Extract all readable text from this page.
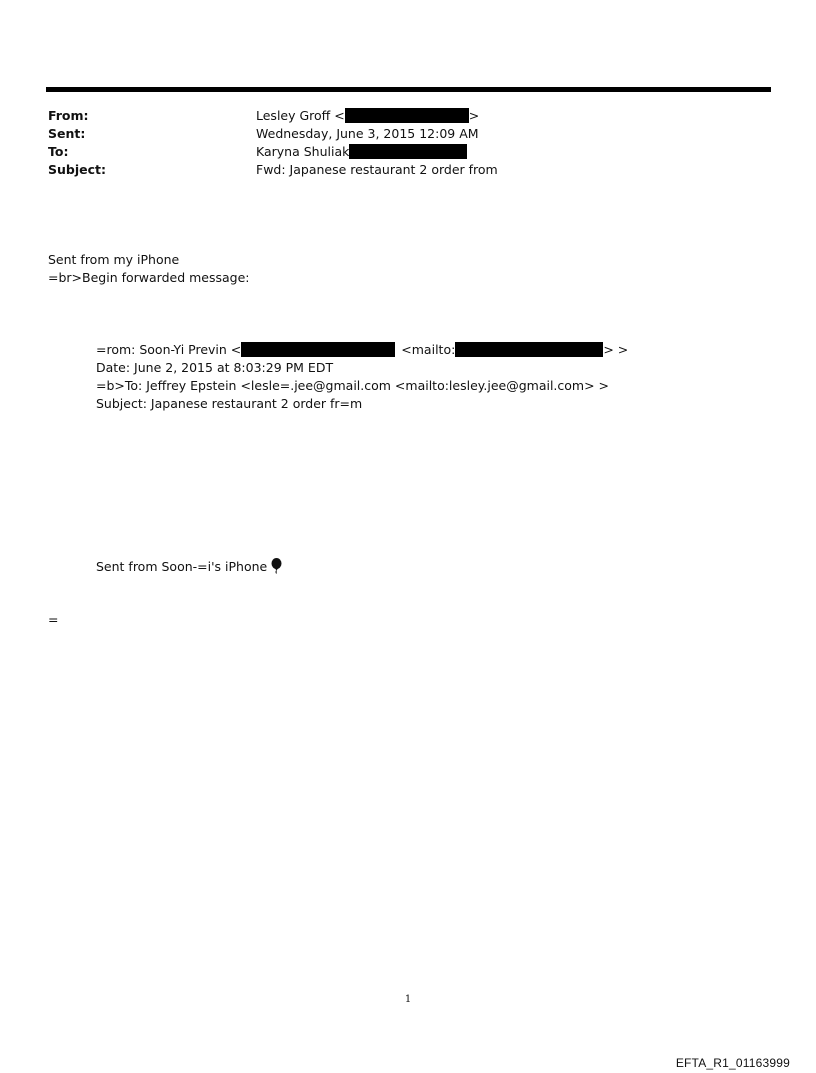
From:	Lesley Groff <	>
Sent:	Wednesday, June 3, 2015 12:09 AM
To:	Karyna Shuliak
Subject:	Fwd: Japanese restaurant 2 order from
Sent from my iPhone
=br>Begin forwarded message:
=rom: Soon-Yi Previn <	<mailto:	> >
Date: June 2, 2015 at 8:03:29 PM EDT
=b>To: Jeffrey Epstein <lesle=.jee@gmail.com <mailto:lesley.jee@gmail.com> >
Subject: Japanese restaurant 2 order fr=m
Sent from Soon-=i's iPhone
=
1
EFTA_R1_01163999
